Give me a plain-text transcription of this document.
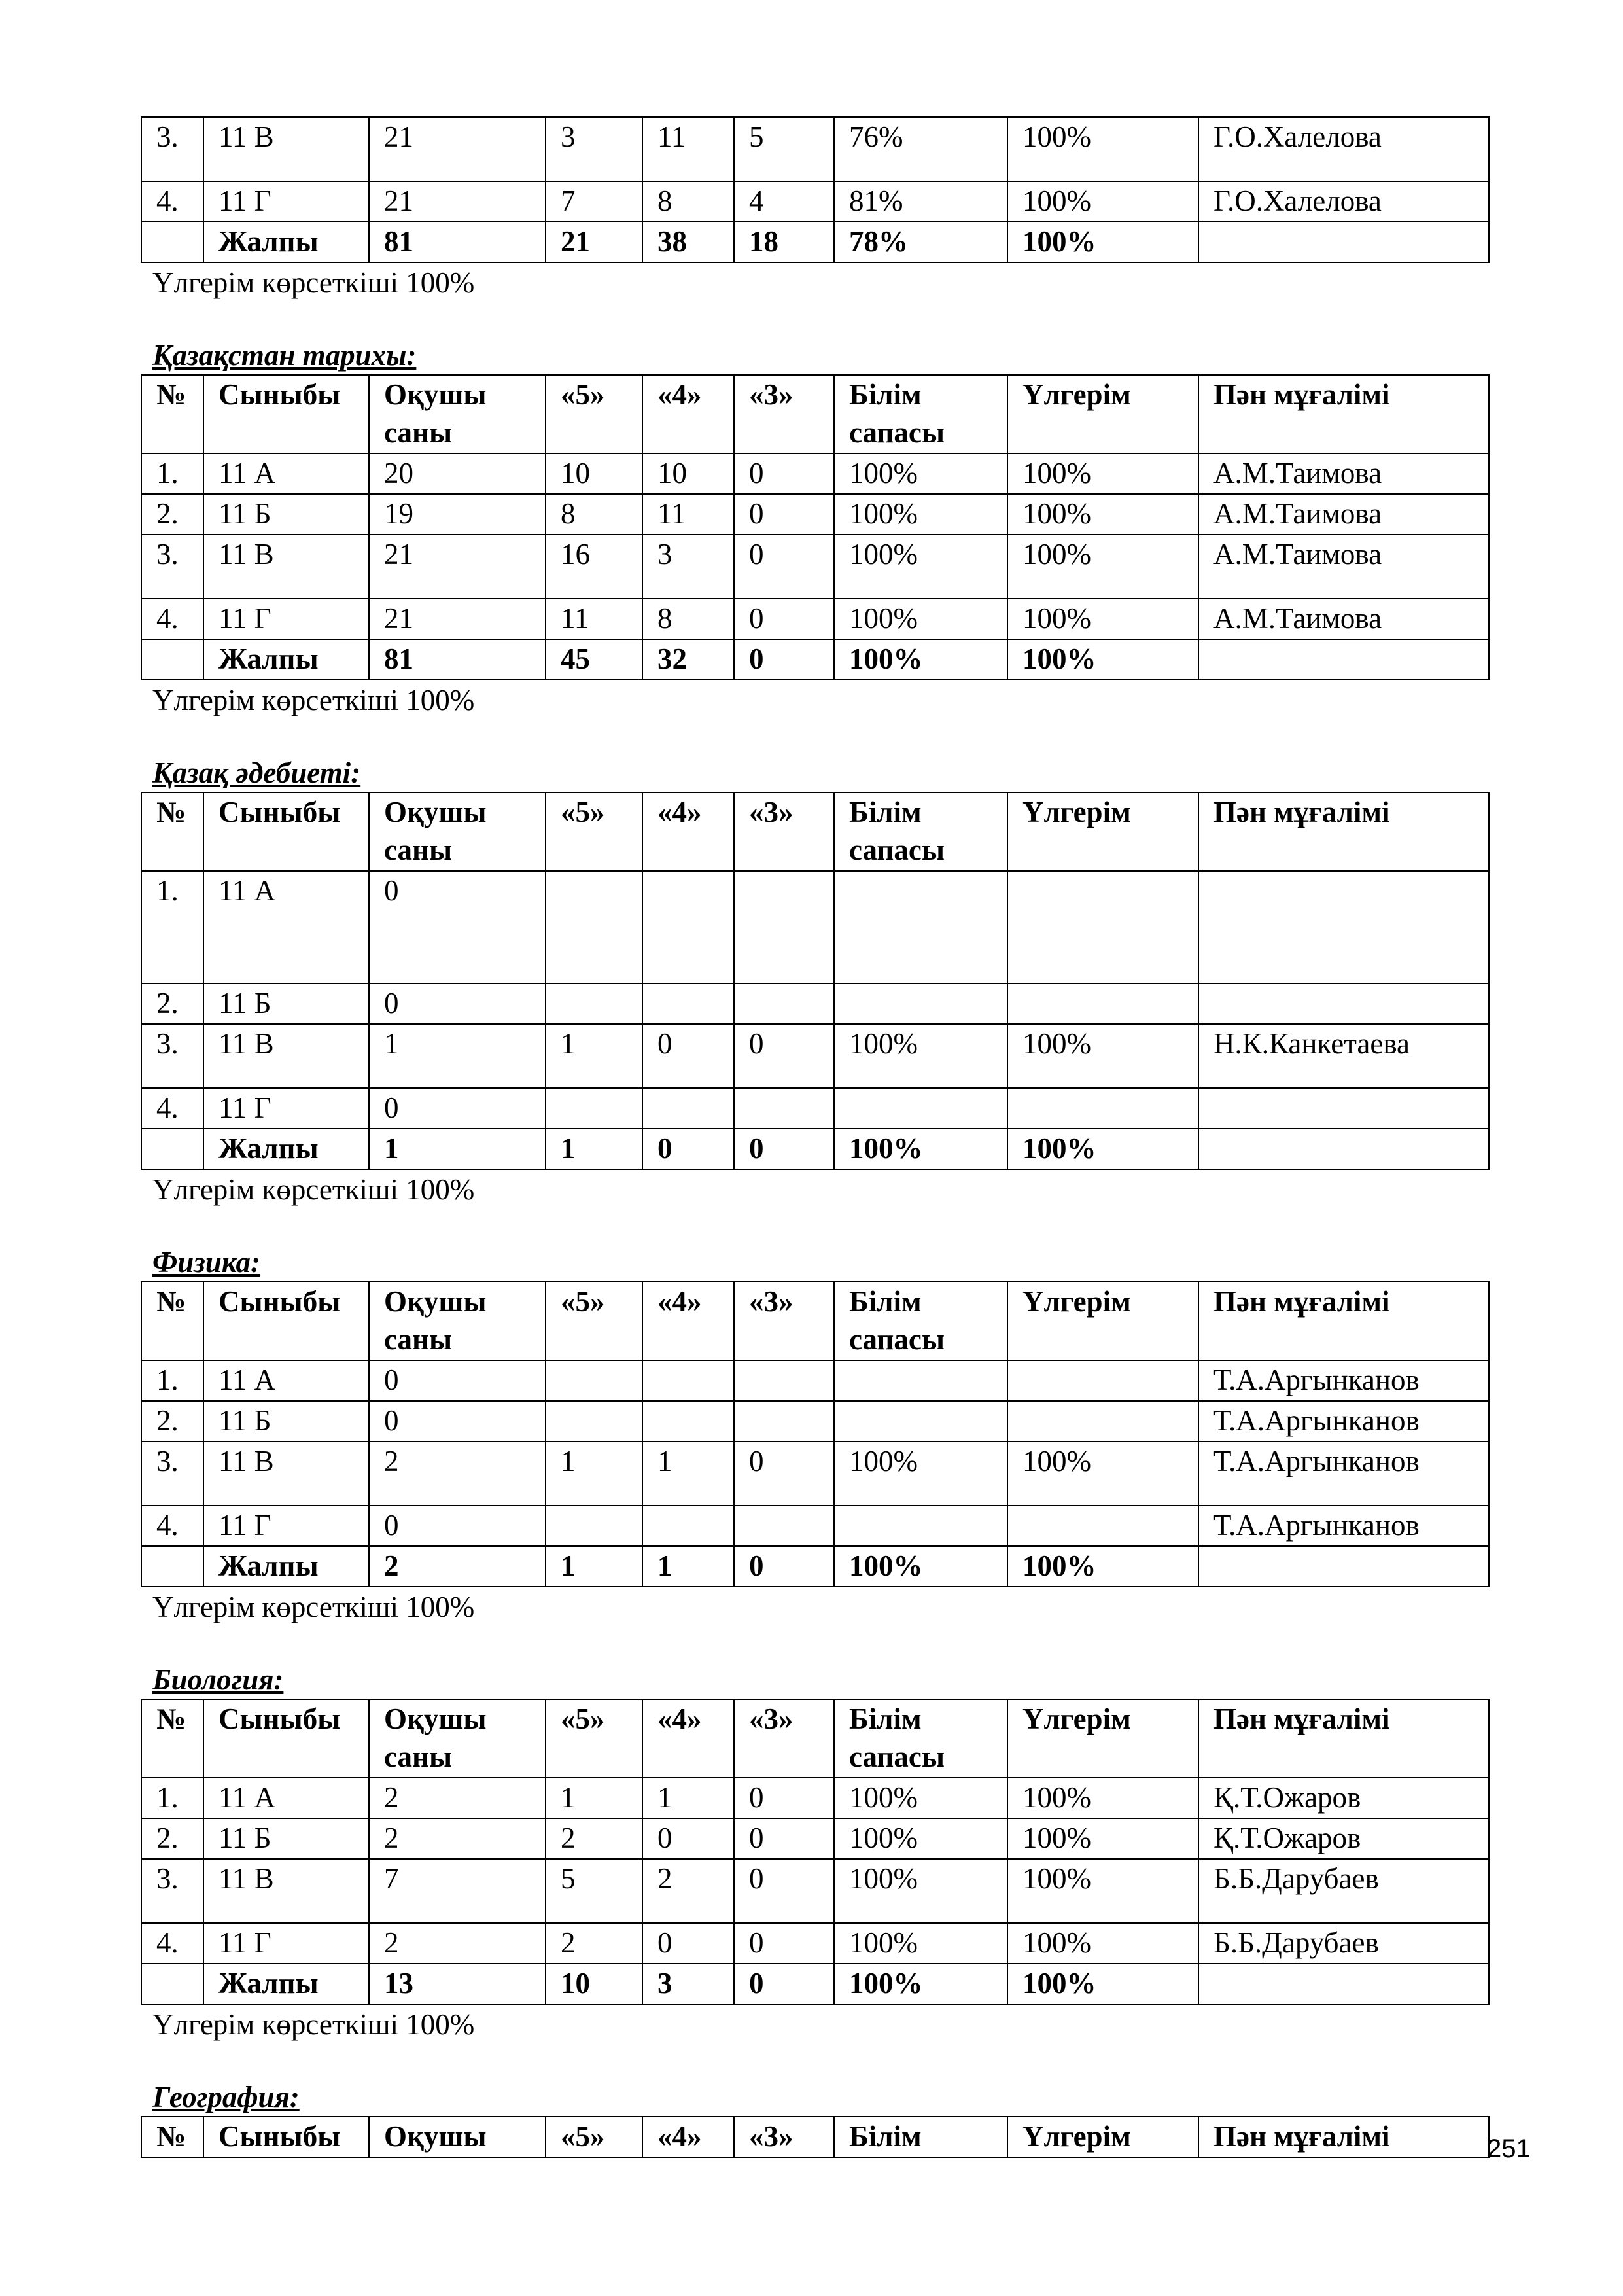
3.	11 В	21	3	11	5	76%	100%	Г.О.Халелова
4.	11 Г	21	7	8	4	81%	100%	Г.О.Халелова
	Жалпы	81	21	38	18	78%	100%	
Үлгерім көрсеткіші 100%
Қазақстан тарихы:
№	Сыныбы	Оқушы саны	«5»	«4»	«3»	Білім сапасы	Үлгерім	Пән мұғалімі
1.	11 А	20	10	10	0	100%	100%	А.М.Таимова
2.	11 Б	19	8	11	0	100%	100%	А.М.Таимова
3.	11 В	21	16	3	0	100%	100%	А.М.Таимова
4.	11 Г	21	11	8	0	100%	100%	А.М.Таимова
	Жалпы	81	45	32	0	100%	100%	
Үлгерім көрсеткіші 100%
Қазақ әдебиеті:
№	Сыныбы	Оқушы саны	«5»	«4»	«3»	Білім сапасы	Үлгерім	Пән мұғалімі
1.	11 А	0						
2.	11 Б	0						
3.	11 В	1	1	0	0	100%	100%	Н.К.Канкетаева
4.	11 Г	0						
	Жалпы	1	1	0	0	100%	100%	
Үлгерім көрсеткіші 100%
Физика:
№	Сыныбы	Оқушы саны	«5»	«4»	«3»	Білім сапасы	Үлгерім	Пән мұғалімі
1.	11 А	0						Т.А.Аргынканов
2.	11 Б	0						Т.А.Аргынканов
3.	11 В	2	1	1	0	100%	100%	Т.А.Аргынканов
4.	11 Г	0						Т.А.Аргынканов
	Жалпы	2	1	1	0	100%	100%	
Үлгерім көрсеткіші 100%
Биология:
№	Сыныбы	Оқушы саны	«5»	«4»	«3»	Білім сапасы	Үлгерім	Пән мұғалімі
1.	11 А	2	1	1	0	100%	100%	Қ.Т.Ожаров
2.	11 Б	2	2	0	0	100%	100%	Қ.Т.Ожаров
3.	11 В	7	5	2	0	100%	100%	Б.Б.Дарубаев
4.	11 Г	2	2	0	0	100%	100%	Б.Б.Дарубаев
	Жалпы	13	10	3	0	100%	100%	
Үлгерім көрсеткіші 100%
География:
№	Сыныбы	Оқушы	«5»	«4»	«3»	Білім	Үлгерім	Пән мұғалімі	251
